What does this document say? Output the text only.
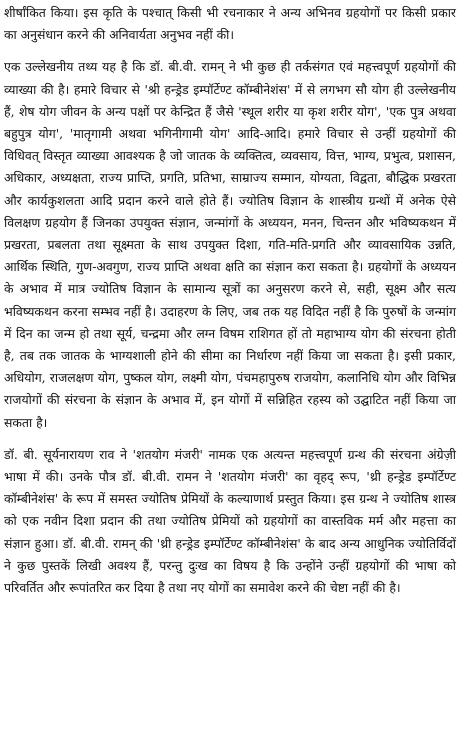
शीर्षांकित किया। इस कृति के पश्चात् किसी भी रचनाकार ने अन्य अभिनव ग्रहयोगों पर किसी प्रकार का अनुसंधान करने की अनिवार्यता अनुभव नहीं की।

एक उल्लेखनीय तथ्य यह है कि डॉ. बी.वी. रामन् ने भी कुछ ही तर्कसंगत एवं महत्त्वपूर्ण ग्रहयोगों की व्याख्या की है। हमारे विचार से 'श्री हन्ड्रेड इम्पॉर्टेण्ट कॉम्बीनेशंस' में से लगभग सौ योग ही उल्लेखनीय हैं, शेष योग जीवन के अन्य पक्षों पर केन्द्रित हैं जैसे 'स्थूल शरीर या कृश शरीर योग', 'एक पुत्र अथवा बहुपुत्र योग', 'मातृगामी अथवा भगिनीगामी योग' आदि-आदि। हमारे विचार से उन्हीं ग्रहयोगों की विधिवत् विस्तृत व्याख्या आवश्यक है जो जातक के व्यक्तित्व, व्यवसाय, वित्त, भाग्य, प्रभुत्व, प्रशासन, अधिकार, अध्यक्षता, राज्य प्राप्ति, प्रगति, प्रतिभा, साम्राज्य सम्मान, योग्यता, विद्वता, बौद्धिक प्रखरता और कार्यकुशलता आदि प्रदान करने वाले होते हैं। ज्योतिष विज्ञान के शास्त्रीय ग्रन्थों में अनेक ऐसे विलक्षण ग्रहयोग हैं जिनका उपयुक्त संज्ञान, जन्मांगों के अध्ययन, मनन, चिन्तन और भविष्यकथन में प्रखरता, प्रबलता तथा सूक्ष्मता के साथ उपयुक्त दिशा, गति-मति-प्रगति और व्यावसायिक उन्नति, आर्थिक स्थिति, गुण-अवगुण, राज्य प्राप्ति अथवा क्षति का संज्ञान करा सकता है। ग्रहयोगों के अध्ययन के अभाव में मात्र ज्योतिष विज्ञान के सामान्य सूत्रों का अनुसरण करने से, सही, सूक्ष्म और सत्य भविष्यकथन करना सम्भव नहीं है। उदाहरण के लिए, जब तक यह विदित नहीं है कि पुरुषों के जन्मांग में दिन का जन्म हो तथा सूर्य, चन्द्रमा और लग्न विषम राशिगत हों तो महाभाग्य योग की संरचना होती है, तब तक जातक के भाग्यशाली होने की सीमा का निर्धारण नहीं किया जा सकता है। इसी प्रकार, अधियोग, राजलक्षण योग, पुष्कल योग, लक्ष्मी योग, पंचमहापुरुष राजयोग, कलानिधि योग और विभिन्न राजयोगों की संरचना के संज्ञान के अभाव में, इन योगों में सन्निहित रहस्य को उद्घाटित नहीं किया जा सकता है।

डॉ. बी. सूर्यनारायण राव ने 'शतयोग मंजरी' नामक एक अत्यन्त महत्त्वपूर्ण ग्रन्थ की संरचना अंग्रेज़ी भाषा में की। उनके पौत्र डॉ. बी.वी. रामन ने 'शतयोग मंजरी' का वृहद् रूप, 'थ्री हन्ड्रेड इम्पॉर्टेण्ट कॉम्बीनेशंस' के रूप में समस्त ज्योतिष प्रेमियों के कल्याणार्थ प्रस्तुत किया। इस ग्रन्थ ने ज्योतिष शास्त्र को एक नवीन दिशा प्रदान की तथा ज्योतिष प्रेमियों को ग्रहयोगों का वास्तविक मर्म और महत्ता का संज्ञान हुआ। डॉ. बी.वी. रामन् की 'थ्री हन्ड्रेड इम्पॉर्टेण्ट कॉम्बीनेशंस' के बाद अन्य आधुनिक ज्योतिर्विदों ने कुछ पुस्तकें लिखी अवश्य हैं, परन्तु दुःख का विषय है कि उन्होंने उन्हीं ग्रहयोगों की भाषा को परिवर्तित और रूपांतरित कर दिया है तथा नए योगों का समावेश करने की चेष्टा नहीं की है।
